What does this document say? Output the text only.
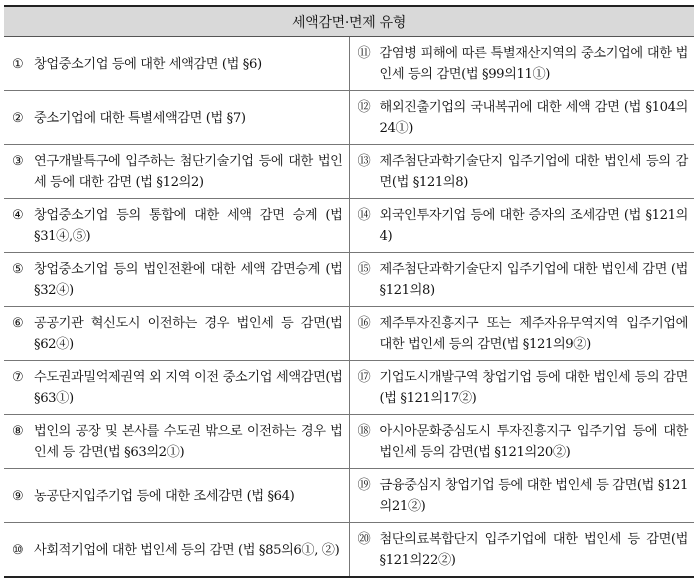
세액감면·면제 유형	

① 창업중소기업 등에 대한 세액감면 (법 §6)	⑪ 감염병 피해에 따른 특별재산지역의 중소기업에 대한 법인세 등의 감면(법 §99의11①)

② 중소기업에 대한 특별세액감면 (법 §7)	⑫ 해외진출기업의 국내복귀에 대한 세액 감면 (법 §104의24①)

③ 연구개발특구에 입주하는 첨단기술기업 등에 대한 법인세 등에 대한 감면 (법 §12의2)	⑬ 제주첨단과학기술단지 입주기업에 대한 법인세 등의 감면(법 §121의8)

④ 창업중소기업 등의 통합에 대한 세액 감면 승계 (법 §31④,⑤)	⑭ 외국인투자기업 등에 대한 증자의 조세감면 (법 §121의4)

⑤ 창업중소기업 등의 법인전환에 대한 세액 감면승계 (법 §32④)	⑮ 제주첨단과학기술단지 입주기업에 대한 법인세 감면 (법 §121의8)

⑥ 공공기관 혁신도시 이전하는 경우 법인세 등 감면(법 §62④)	⑯ 제주투자진흥지구 또는 제주자유무역지역 입주기업에 대한 법인세 등의 감면(법 §121의9②)

⑦ 수도권과밀억제권역 외 지역 이전 중소기업 세액감면(법 §63①)	⑰ 기업도시개발구역 창업기업 등에 대한 법인세 등의 감면 (법 §121의17②)

⑧ 법인의 공장 및 본사를 수도권 밖으로 이전하는 경우 법인세 등 감면(법 §63의2①)	⑱ 아시아문화중심도시 투자진흥지구 입주기업 등에 대한 법인세 등의 감면(법 §121의20②)

⑨ 농공단지입주기업 등에 대한 조세감면 (법 §64)	⑲ 금융중심지 창업기업 등에 대한 법인세 등 감면(법 §121의21②)

⑩ 사회적기업에 대한 법인세 등의 감면 (법 §85의6①, ②)	⑳ 첨단의료복합단지 입주기업에 대한 법인세 등 감면(법 §121의22②)
